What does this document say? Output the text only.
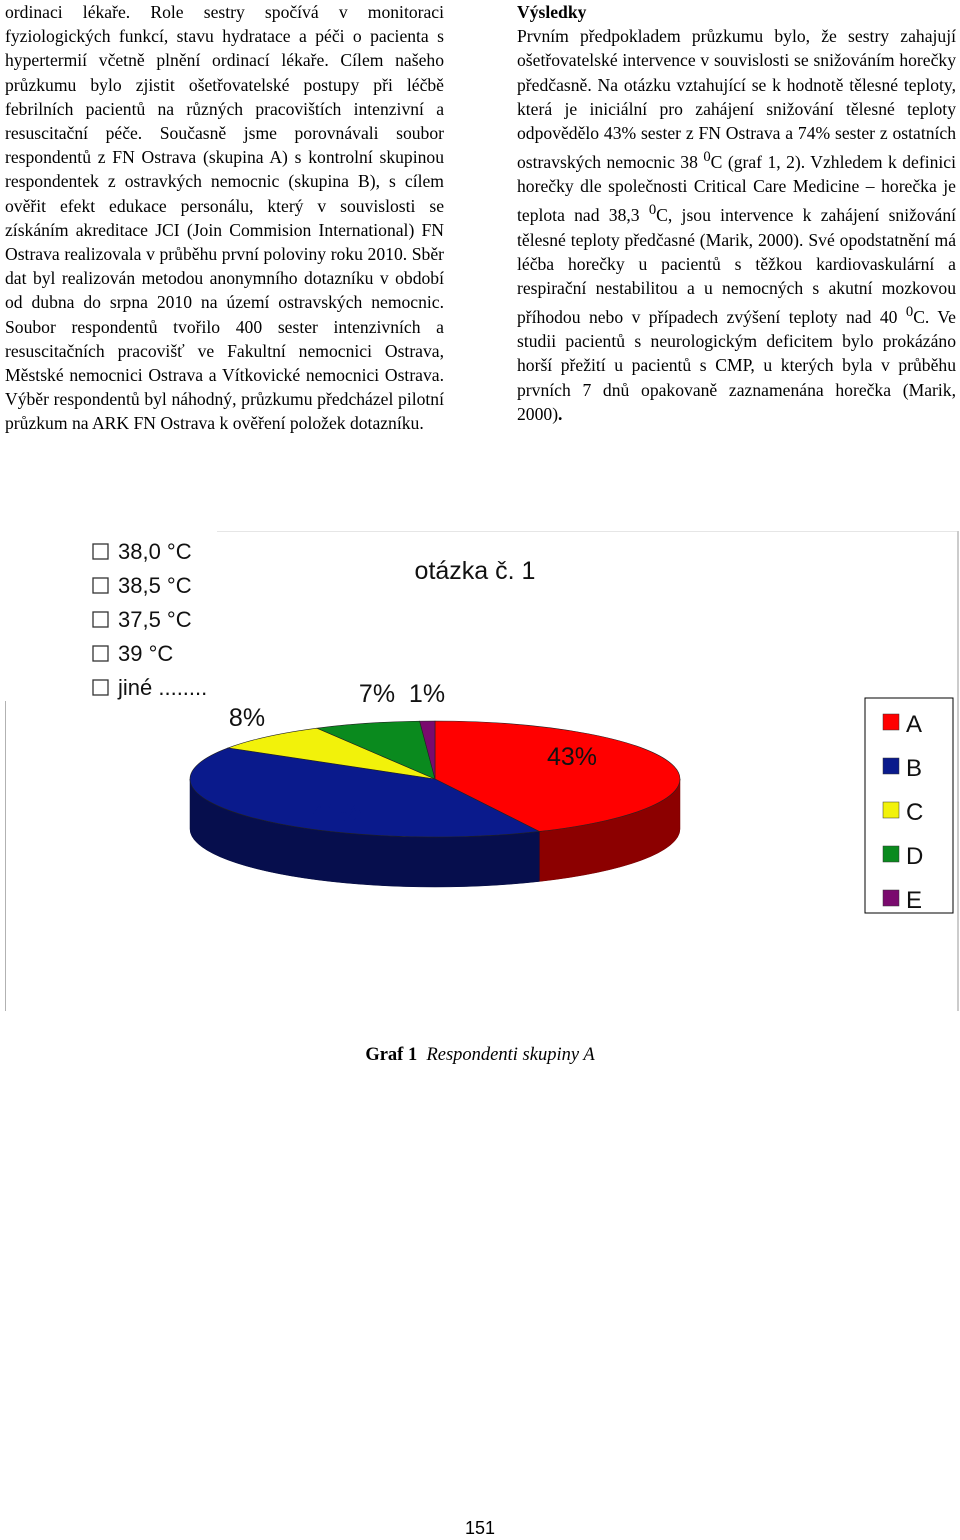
ordinaci lékaře. Role sestry spočívá v monitoraci fyziologických funkcí, stavu hydratace a péči o pacienta s hypertermií včetně plnění ordinací lékaře. Cílem našeho průzkumu bylo zjistit ošetřovatelské postupy při léčbě febrilních pacientů na různých pracovištích intenzivní a resuscitační péče. Současně jsme porovnávali soubor respondentů z FN Ostrava (skupina A) s kontrolní skupinou respondentek z ostravkých nemocnic (skupina B), s cílem ověřit efekt edukace personálu, který v souvislosti se získáním akreditace JCI (Join Commision International) FN Ostrava realizovala v průběhu první poloviny roku 2010. Sběr dat byl realizován metodou anonymního dotazníku v období od dubna do srpna 2010 na území ostravských nemocnic. Soubor respondentů tvořilo 400 sester intenzivních a resuscitačních pracovišť ve Fakultní nemocnici Ostrava, Městské nemocnici Ostrava a Vítkovické nemocnici Ostrava. Výběr respondentů byl náhodný, průzkumu předcházel pilotní průzkum na ARK FN Ostrava k ověření položek dotazníku.

Výsledky

Prvním předpokladem průzkumu bylo, že sestry zahajují ošetřovatelské intervence v souvislosti se snižováním horečky předčasně. Na otázku vztahující se k hodnotě tělesné teploty, která je iniciální pro zahájení snižování tělesné teploty odpovědělo 43% sester z FN Ostrava a 74% sester z ostatních ostravských nemocnic 38 $^0$C (graf 1, 2). Vzhledem k definici horečky dle společnosti Critical Care Medicine – horečka je teplota nad 38,3 $^0$C, jsou intervence k zahájení snižování tělesné teploty předčasné (Marik, 2000). Své opodstatnění má léčba horečky u pacientů s těžkou kardiovaskulární a respirační nestabilitou a u nemocných s akutní mozkovou příhodou nebo v případech zvýšení teploty nad 40 $^0$C. Ve studii pacientů s neurologickým deficitem bylo prokázáno horší přežití u pacientů s CMP, u kterých byla v průběhu prvních 7 dnů opakovaně zaznamenána horečka (Marik, 2000).

38,0 °C
38,5 °C
37,5 °C
39 °C
jiné ........
otázka č. 1
43%
41%
8%
7% 1%
A
B
C
D
E
Graf 1 Respondenti skupiny A
151
